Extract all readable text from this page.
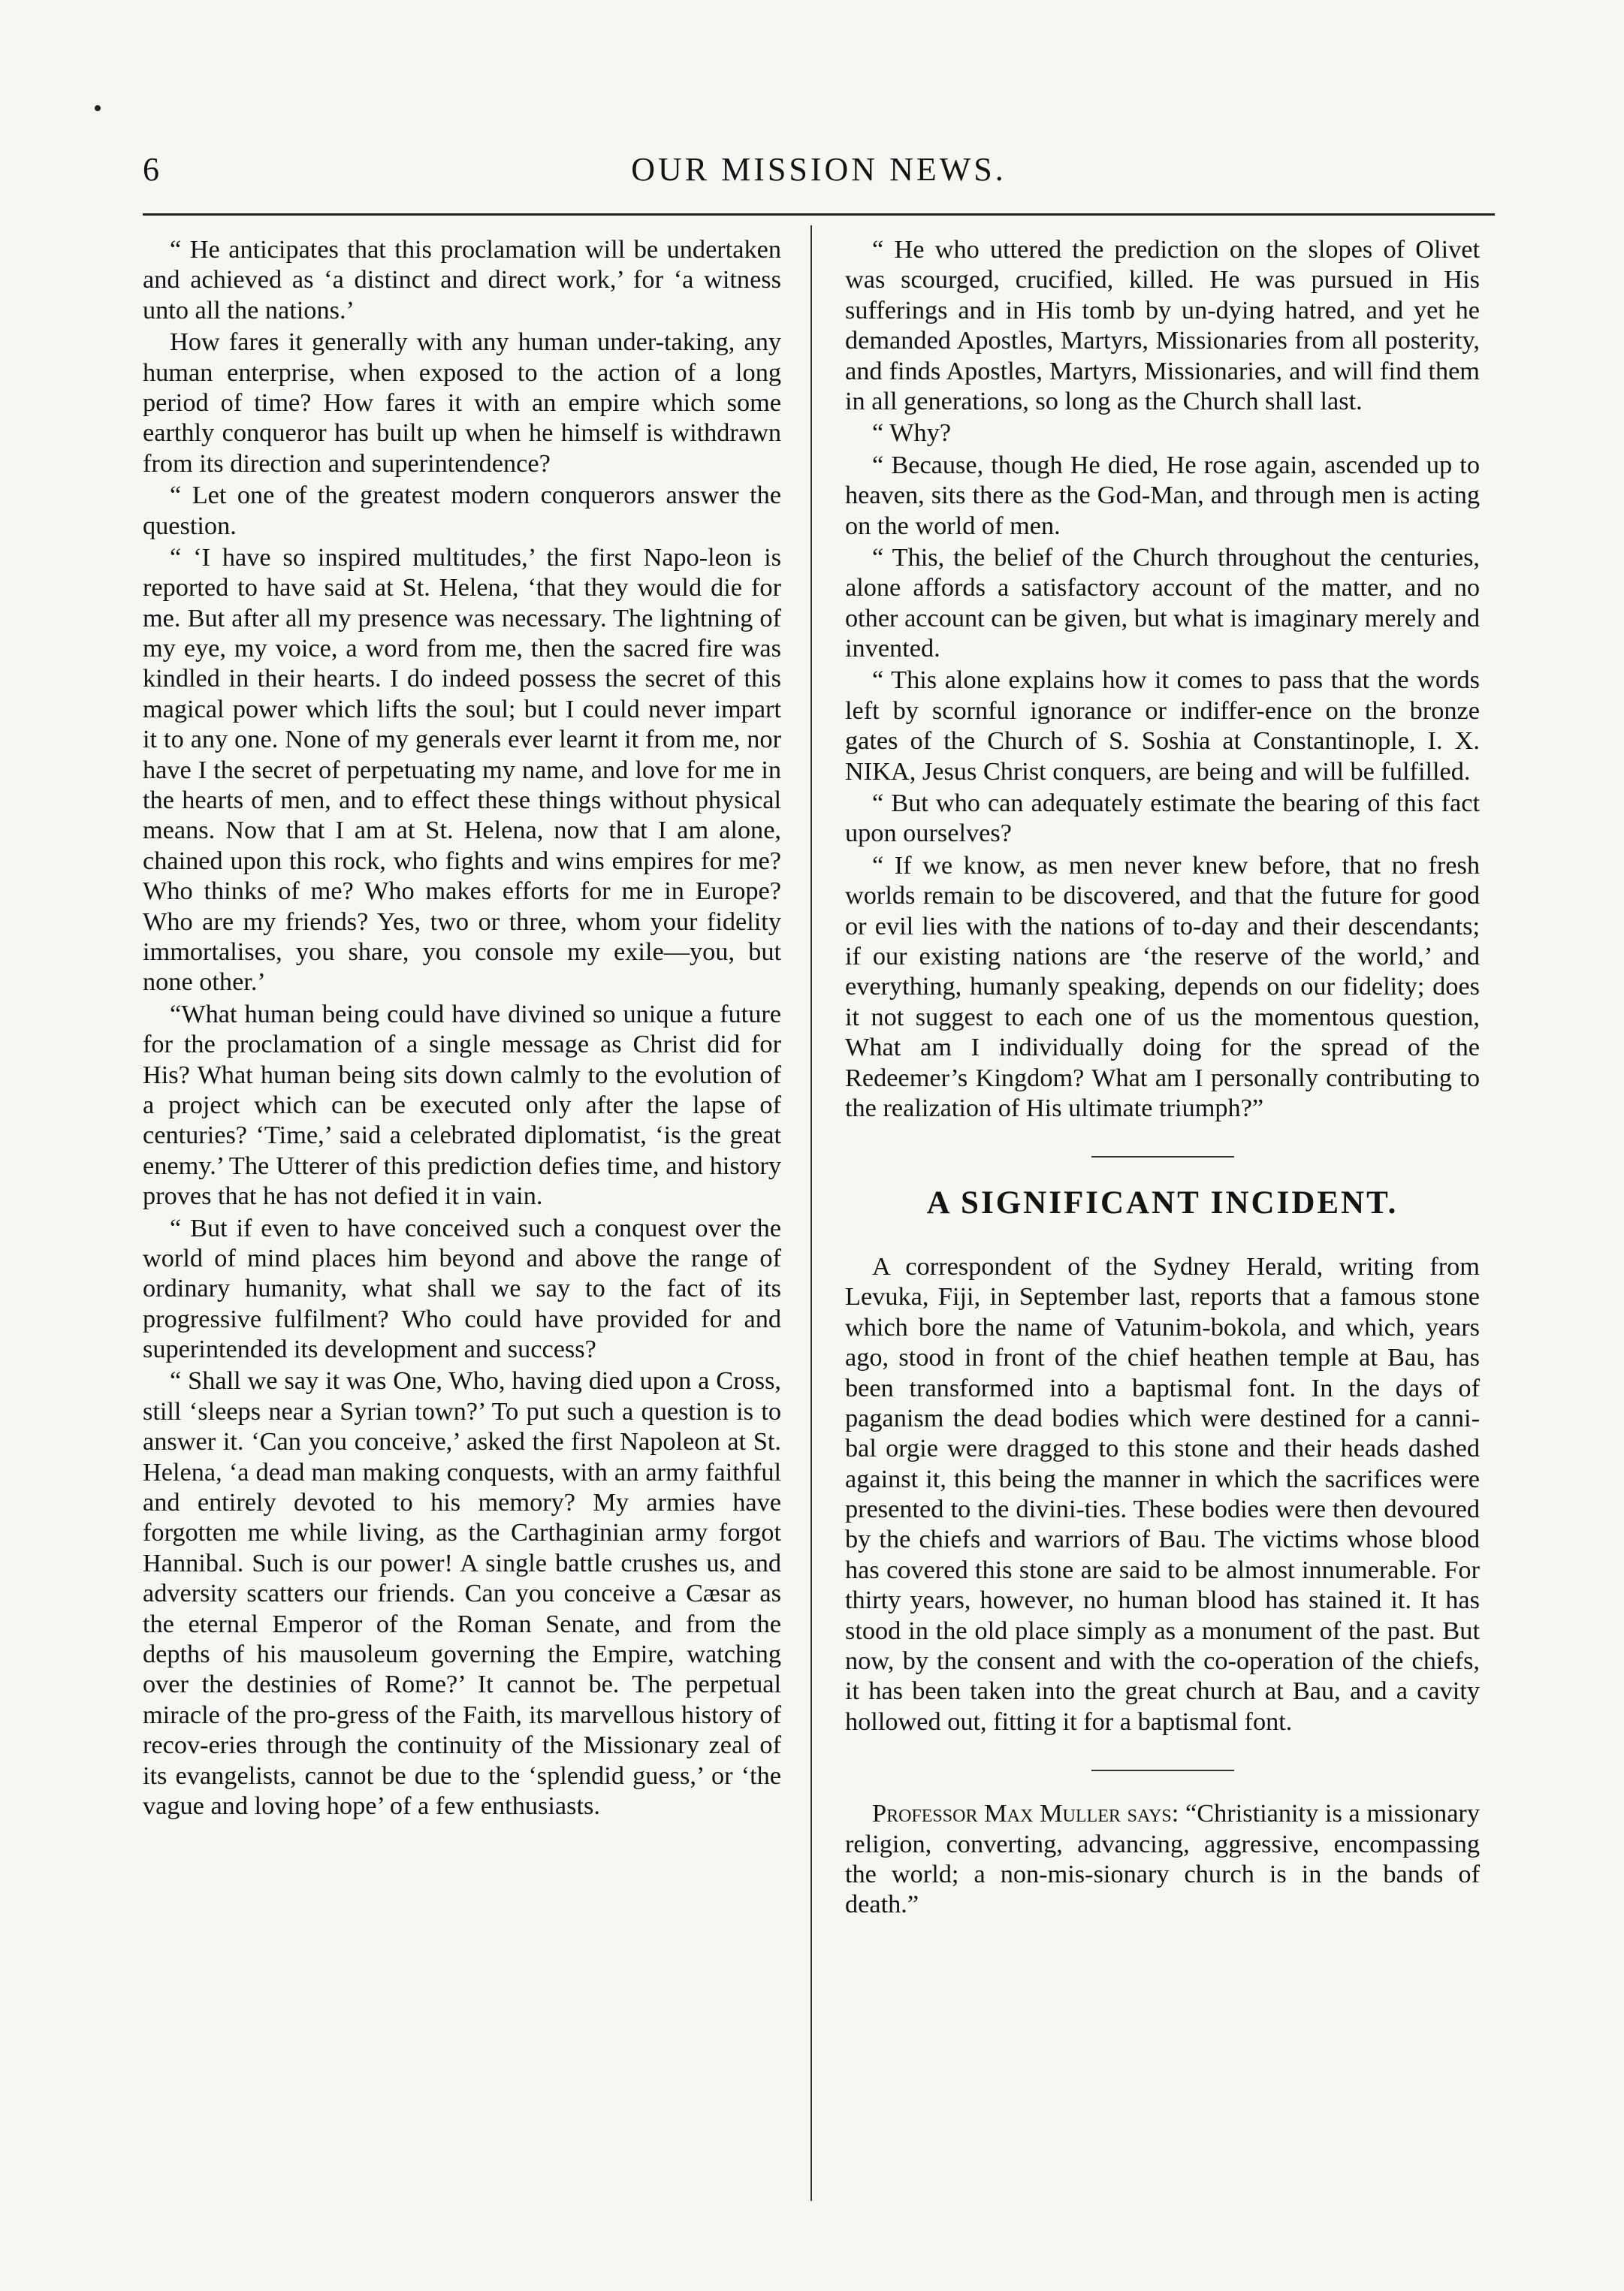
6	OUR MISSION NEWS.

“ He anticipates that this proclamation will be undertaken and achieved as ‘a distinct and direct work,’ for ‘a witness unto all the nations.’

How fares it generally with any human under-taking, any human enterprise, when exposed to the action of a long period of time? How fares it with an empire which some earthly conqueror has built up when he himself is withdrawn from its direction and superintendence?

“ Let one of the greatest modern conquerors answer the question.

“ ‘I have so inspired multitudes,’ the first Napo-leon is reported to have said at St. Helena, ‘that they would die for me. But after all my presence was necessary. The lightning of my eye, my voice, a word from me, then the sacred fire was kindled in their hearts. I do indeed possess the secret of this magical power which lifts the soul; but I could never impart it to any one. None of my generals ever learnt it from me, nor have I the secret of perpetuating my name, and love for me in the hearts of men, and to effect these things without physical means. Now that I am at St. Helena, now that I am alone, chained upon this rock, who fights and wins empires for me? Who thinks of me? Who makes efforts for me in Europe? Who are my friends? Yes, two or three, whom your fidelity immortalises, you share, you console my exile—you, but none other.’

“What human being could have divined so unique a future for the proclamation of a single message as Christ did for His? What human being sits down calmly to the evolution of a project which can be executed only after the lapse of centuries? ‘Time,’ said a celebrated diplomatist, ‘is the great enemy.’ The Utterer of this prediction defies time, and history proves that he has not defied it in vain.

“ But if even to have conceived such a conquest over the world of mind places him beyond and above the range of ordinary humanity, what shall we say to the fact of its progressive fulfilment? Who could have provided for and superintended its development and success?

“ Shall we say it was One, Who, having died upon a Cross, still ‘sleeps near a Syrian town?’ To put such a question is to answer it. ‘Can you conceive,’ asked the first Napoleon at St. Helena, ‘a dead man making conquests, with an army faithful and entirely devoted to his memory? My armies have forgotten me while living, as the Carthaginian army forgot Hannibal. Such is our power! A single battle crushes us, and adversity scatters our friends. Can you conceive a Cæsar as the eternal Emperor of the Roman Senate, and from the depths of his mausoleum governing the Empire, watching over the destinies of Rome?’ It cannot be. The perpetual miracle of the pro-gress of the Faith, its marvellous history of recov-eries through the continuity of the Missionary zeal of its evangelists, cannot be due to the ‘splendid guess,’ or ‘the vague and loving hope’ of a few enthusiasts.

“ He who uttered the prediction on the slopes of Olivet was scourged, crucified, killed. He was pursued in His sufferings and in His tomb by un-dying hatred, and yet he demanded Apostles, Martyrs, Missionaries from all posterity, and finds Apostles, Martyrs, Missionaries, and will find them in all generations, so long as the Church shall last.

“ Why?

“ Because, though He died, He rose again, ascended up to heaven, sits there as the God-Man, and through men is acting on the world of men.

“ This, the belief of the Church throughout the centuries, alone affords a satisfactory account of the matter, and no other account can be given, but what is imaginary merely and invented.

“ This alone explains how it comes to pass that the words left by scornful ignorance or indiffer-ence on the bronze gates of the Church of S. Soshia at Constantinople, I. X. NIKA, Jesus Christ conquers, are being and will be fulfilled.

“ But who can adequately estimate the bearing of this fact upon ourselves?

“ If we know, as men never knew before, that no fresh worlds remain to be discovered, and that the future for good or evil lies with the nations of to-day and their descendants; if our existing nations are ‘the reserve of the world,’ and everything, humanly speaking, depends on our fidelity; does it not suggest to each one of us the momentous question, What am I individually doing for the spread of the Redeemer’s Kingdom? What am I personally contributing to the realization of His ultimate triumph?”

A SIGNIFICANT INCIDENT.

A correspondent of the Sydney Herald, writing from Levuka, Fiji, in September last, reports that a famous stone which bore the name of Vatunim-bokola, and which, years ago, stood in front of the chief heathen temple at Bau, has been transformed into a baptismal font. In the days of paganism the dead bodies which were destined for a canni-bal orgie were dragged to this stone and their heads dashed against it, this being the manner in which the sacrifices were presented to the divini-ties. These bodies were then devoured by the chiefs and warriors of Bau. The victims whose blood has covered this stone are said to be almost innumerable. For thirty years, however, no human blood has stained it. It has stood in the old place simply as a monument of the past. But now, by the consent and with the co-operation of the chiefs, it has been taken into the great church at Bau, and a cavity hollowed out, fitting it for a baptismal font.

Professor Max Muller says: “Christianity is a missionary religion, converting, advancing, aggressive, encompassing the world; a non-mis-sionary church is in the bands of death.”
